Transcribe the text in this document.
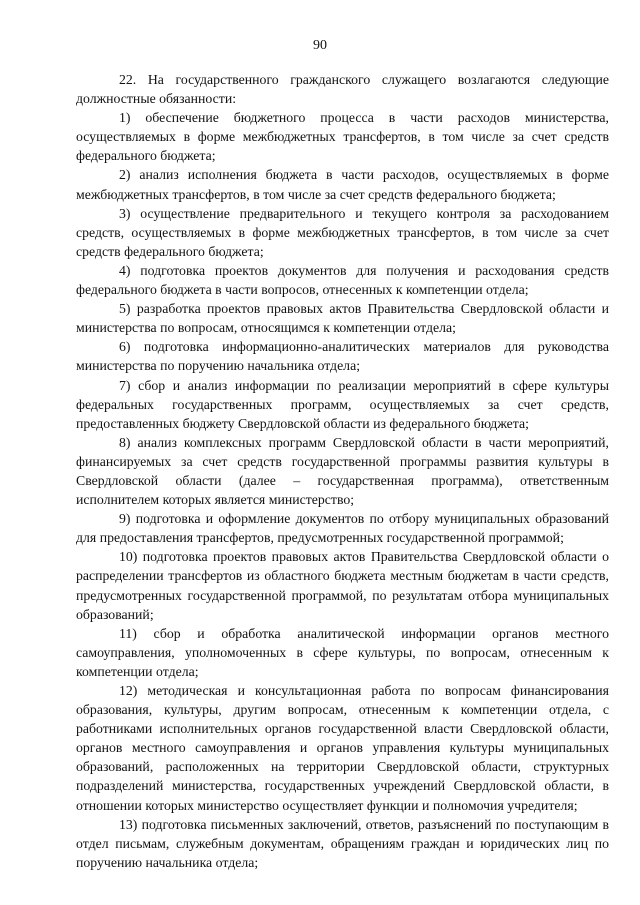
90

22. На государственного гражданского служащего возлагаются следующие должностные обязанности:

1) обеспечение бюджетного процесса в части расходов министерства, осуществляемых в форме межбюджетных трансфертов, в том числе за счет средств федерального бюджета;

2) анализ исполнения бюджета в части расходов, осуществляемых в форме межбюджетных трансфертов, в том числе за счет средств федерального бюджета;

3) осуществление предварительного и текущего контроля за расходованием средств, осуществляемых в форме межбюджетных трансфертов, в том числе за счет средств федерального бюджета;

4) подготовка проектов документов для получения и расходования средств федерального бюджета в части вопросов, отнесенных к компетенции отдела;

5) разработка проектов правовых актов Правительства Свердловской области и министерства по вопросам, относящимся к компетенции отдела;

6) подготовка информационно-аналитических материалов для руководства министерства по поручению начальника отдела;

7) сбор и анализ информации по реализации мероприятий в сфере культуры федеральных государственных программ, осуществляемых за счет средств, предоставленных бюджету Свердловской области из федерального бюджета;

8) анализ комплексных программ Свердловской области в части мероприятий, финансируемых за счет средств государственной программы развития культуры в Свердловской области (далее – государственная программа), ответственным исполнителем которых является министерство;

9) подготовка и оформление документов по отбору муниципальных образований для предоставления трансфертов, предусмотренных государственной программой;

10) подготовка проектов правовых актов Правительства Свердловской области о распределении трансфертов из областного бюджета местным бюджетам в части средств, предусмотренных государственной программой, по результатам отбора муниципальных образований;

11) сбор и обработка аналитической информации органов местного самоуправления, уполномоченных в сфере культуры, по вопросам, отнесенным к компетенции отдела;

12) методическая и консультационная работа по вопросам финансирования образования, культуры, другим вопросам, отнесенным к компетенции отдела, с работниками исполнительных органов государственной власти Свердловской области, органов местного самоуправления и органов управления культуры муниципальных образований, расположенных на территории Свердловской области, структурных подразделений министерства, государственных учреждений Свердловской области, в отношении которых министерство осуществляет функции и полномочия учредителя;

13) подготовка письменных заключений, ответов, разъяснений по поступающим в отдел письмам, служебным документам, обращениям граждан и юридических лиц по поручению начальника отдела;
